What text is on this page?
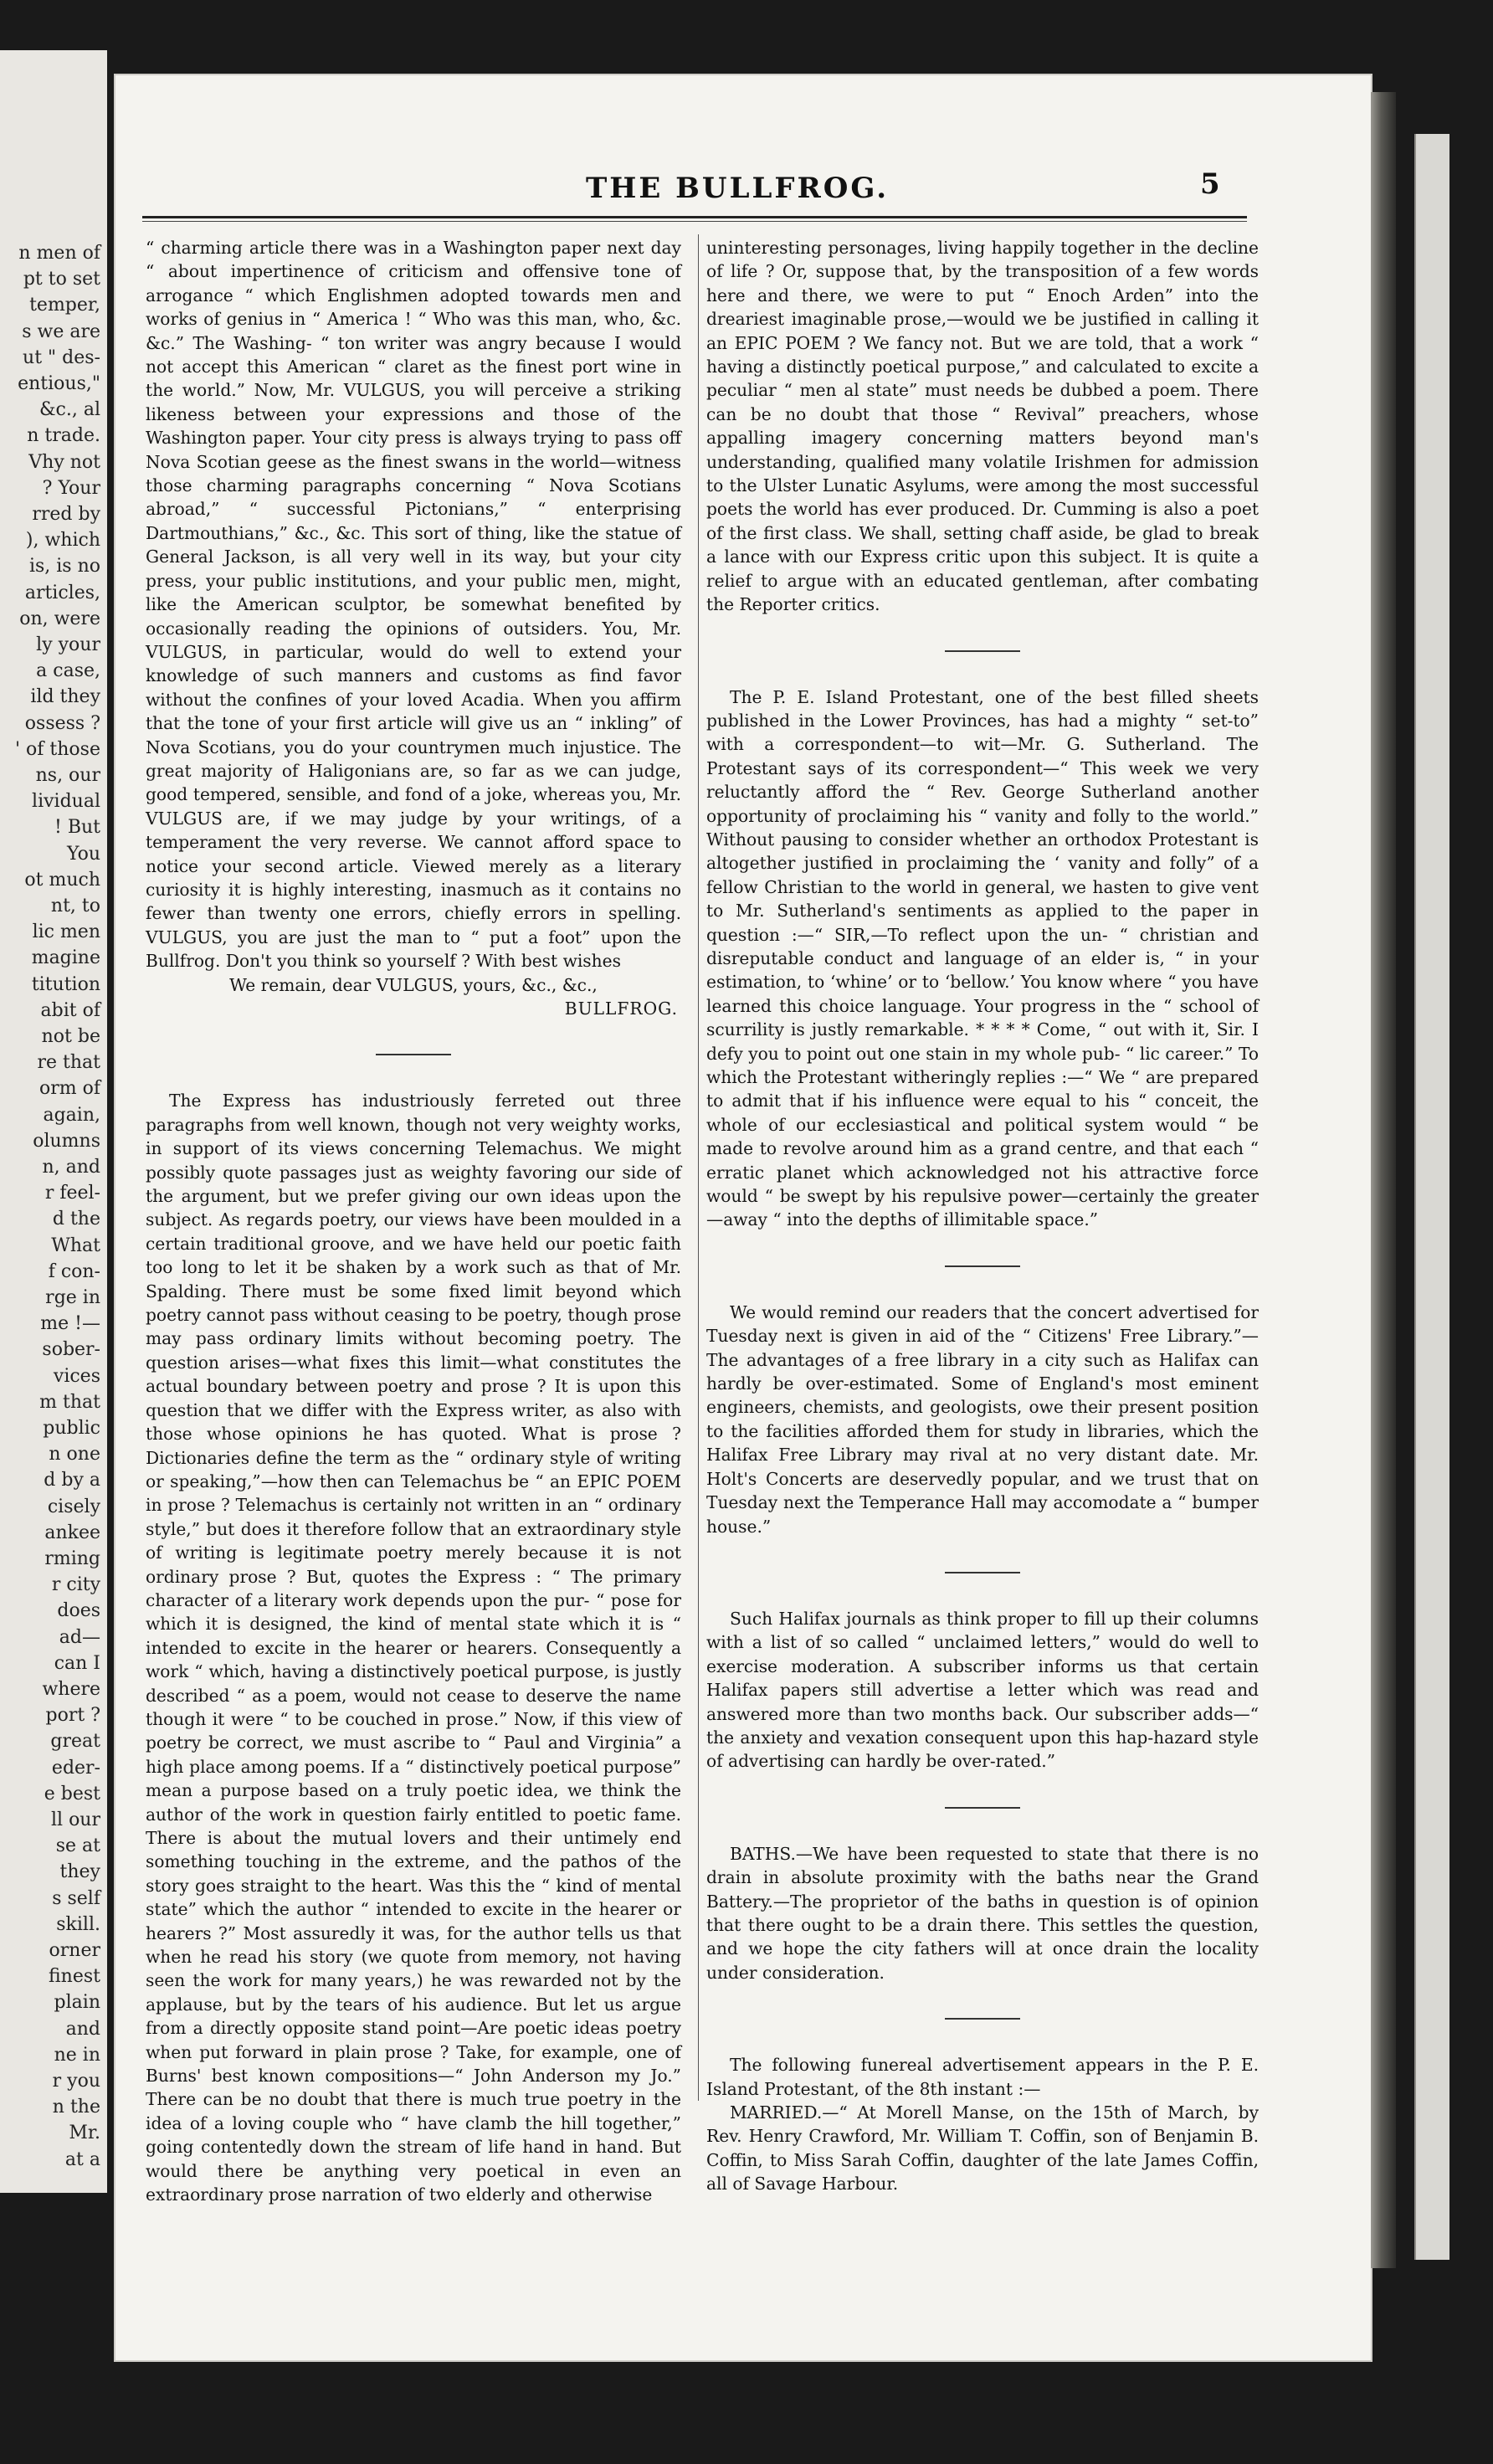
n men of
pt to set
temper,
s we are
ut " des-
entious,"
&c., al
n trade.
Vhy not
? Your
rred by
), which
is, is no
articles,
on, were
ly your
a case,
ild they
ossess ?
' of those
ns, our
lividual
! But
You
ot much
nt, to
lic men
magine
titution
abit of
not be
re that
orm of
again,
olumns
n, and
r feel-
d the
What
f con-
rge in
me !—
sober-
vices
m that
public
n one
d by a
cisely
ankee
rming
r city
does
ad—
can I
where
port ?
great
eder-
e best
ll our
se at
they
s self
skill.
orner
finest
plain
and
ne in
r you
n the
Mr.
at a
THE BULLFROG.	5

“ charming article there was in a Washington paper next day “ about impertinence of criticism and offensive tone of arrogance “ which Englishmen adopted towards men and works of genius in “ America ! “ Who was this man, who, &c. &c.” The Washing- “ ton writer was angry because I would not accept this American “ claret as the finest port wine in the world.” Now, Mr. VULGUS, you will perceive a striking likeness between your expressions and those of the Washington paper. Your city press is always trying to pass off Nova Scotian geese as the finest swans in the world—witness those charming paragraphs concerning “ Nova Scotians abroad,” “ successful Pictonians,” “ enterprising Dartmouthians,” &c., &c. This sort of thing, like the statue of General Jackson, is all very well in its way, but your city press, your public institutions, and your public men, might, like the American sculptor, be somewhat benefited by occasionally reading the opinions of outsiders. You, Mr. VULGUS, in particular, would do well to extend your knowledge of such manners and customs as find favor without the confines of your loved Acadia. When you affirm that the tone of your first article will give us an “ inkling” of Nova Scotians, you do your countrymen much injustice. The great majority of Haligonians are, so far as we can judge, good tempered, sensible, and fond of a joke, whereas you, Mr. VULGUS are, if we may judge by your writings, of a temperament the very reverse. We cannot afford space to notice your second article. Viewed merely as a literary curiosity it is highly interesting, inasmuch as it contains no fewer than twenty one errors, chiefly errors in spelling. VULGUS, you are just the man to “ put a foot” upon the Bullfrog. Don't you think so yourself ? With best wishes

We remain, dear VULGUS, yours, &c., &c.,

BULLFROG.

The Express has industriously ferreted out three paragraphs from well known, though not very weighty works, in support of its views concerning Telemachus. We might possibly quote passages just as weighty favoring our side of the argument, but we prefer giving our own ideas upon the subject. As regards poetry, our views have been moulded in a certain traditional groove, and we have held our poetic faith too long to let it be shaken by a work such as that of Mr. Spalding. There must be some fixed limit beyond which poetry cannot pass without ceasing to be poetry, though prose may pass ordinary limits without becoming poetry. The question arises—what fixes this limit—what constitutes the actual boundary between poetry and prose ? It is upon this question that we differ with the Express writer, as also with those whose opinions he has quoted. What is prose ? Dictionaries define the term as the “ ordinary style of writing or speaking,”—how then can Telemachus be “ an EPIC POEM in prose ? Telemachus is certainly not written in an “ ordinary style,” but does it therefore follow that an extraordinary style of writing is legitimate poetry merely because it is not ordinary prose ? But, quotes the Express : “ The primary character of a literary work depends upon the pur- “ pose for which it is designed, the kind of mental state which it is “ intended to excite in the hearer or hearers. Consequently a work “ which, having a distinctively poetical purpose, is justly described “ as a poem, would not cease to deserve the name though it were “ to be couched in prose.” Now, if this view of poetry be correct, we must ascribe to “ Paul and Virginia” a high place among poems. If a “ distinctively poetical purpose” mean a purpose based on a truly poetic idea, we think the author of the work in question fairly entitled to poetic fame. There is about the mutual lovers and their untimely end something touching in the extreme, and the pathos of the story goes straight to the heart. Was this the “ kind of mental state” which the author “ intended to excite in the hearer or hearers ?” Most assuredly it was, for the author tells us that when he read his story (we quote from memory, not having seen the work for many years,) he was rewarded not by the applause, but by the tears of his audience. But let us argue from a directly opposite stand point—Are poetic ideas poetry when put forward in plain prose ? Take, for example, one of Burns' best known compositions—“ John Anderson my Jo.” There can be no doubt that there is much true poetry in the idea of a loving couple who “ have clamb the hill together,” going contentedly down the stream of life hand in hand. But would there be anything very poetical in even an extraordinary prose narration of two elderly and otherwise

uninteresting personages, living happily together in the decline of life ? Or, suppose that, by the transposition of a few words here and there, we were to put “ Enoch Arden” into the dreariest imaginable prose,—would we be justified in calling it an EPIC POEM ? We fancy not. But we are told, that a work “ having a distinctly poetical purpose,” and calculated to excite a peculiar “ men al state” must needs be dubbed a poem. There can be no doubt that those “ Revival” preachers, whose appalling imagery concerning matters beyond man's understanding, qualified many volatile Irishmen for admission to the Ulster Lunatic Asylums, were among the most successful poets the world has ever produced. Dr. Cumming is also a poet of the first class. We shall, setting chaff aside, be glad to break a lance with our Express critic upon this subject. It is quite a relief to argue with an educated gentleman, after combating the Reporter critics.

The P. E. Island Protestant, one of the best filled sheets published in the Lower Provinces, has had a mighty “ set-to” with a correspondent—to wit—Mr. G. Sutherland. The Protestant says of its correspondent—“ This week we very reluctantly afford the “ Rev. George Sutherland another opportunity of proclaiming his “ vanity and folly to the world.” Without pausing to consider whether an orthodox Protestant is altogether justified in proclaiming the ‘ vanity and folly” of a fellow Christian to the world in general, we hasten to give vent to Mr. Sutherland's sentiments as applied to the paper in question :—“ SIR,—To reflect upon the un- “ christian and disreputable conduct and language of an elder is, “ in your estimation, to ‘whine’ or to ‘bellow.’ You know where “ you have learned this choice language. Your progress in the “ school of scurrility is justly remarkable. * * * * Come, “ out with it, Sir. I defy you to point out one stain in my whole pub- “ lic career.” To which the Protestant witheringly replies :—“ We “ are prepared to admit that if his influence were equal to his “ conceit, the whole of our ecclesiastical and political system would “ be made to revolve around him as a grand centre, and that each “ erratic planet which acknowledged not his attractive force would “ be swept by his repulsive power—certainly the greater—away “ into the depths of illimitable space.”

We would remind our readers that the concert advertised for Tuesday next is given in aid of the “ Citizens' Free Library.”—The advantages of a free library in a city such as Halifax can hardly be over-estimated. Some of England's most eminent engineers, chemists, and geologists, owe their present position to the facilities afforded them for study in libraries, which the Halifax Free Library may rival at no very distant date. Mr. Holt's Concerts are deservedly popular, and we trust that on Tuesday next the Temperance Hall may accomodate a “ bumper house.”

Such Halifax journals as think proper to fill up their columns with a list of so called “ unclaimed letters,” would do well to exercise moderation. A subscriber informs us that certain Halifax papers still advertise a letter which was read and answered more than two months back. Our subscriber adds—“ the anxiety and vexation consequent upon this hap-hazard style of advertising can hardly be over-rated.”

BATHS.—We have been requested to state that there is no drain in absolute proximity with the baths near the Grand Battery.—The proprietor of the baths in question is of opinion that there ought to be a drain there. This settles the question, and we hope the city fathers will at once drain the locality under consideration.

The following funereal advertisement appears in the P. E. Island Protestant, of the 8th instant :—

MARRIED.—“ At Morell Manse, on the 15th of March, by Rev. Henry Crawford, Mr. William T. Coffin, son of Benjamin B. Coffin, to Miss Sarah Coffin, daughter of the late James Coffin, all of Savage Harbour.
